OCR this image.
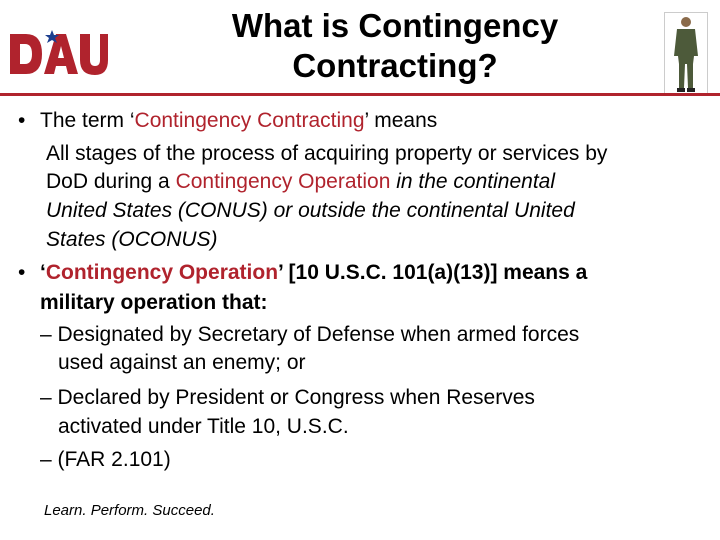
What is Contingency
Contracting?
• The term ‘Contingency Contracting’ means
All stages of the process of acquiring property or services by
DoD during a Contingency Operation in the continental
United States (CONUS) or outside the continental United
States (OCONUS)
• ‘Contingency Operation’ [10 U.S.C. 101(a)(13)] means a
military operation that:
– Designated by Secretary of Defense when armed forces
used against an enemy; or
– Declared by President or Congress when Reserves
activated under Title 10, U.S.C.
– (FAR 2.101)
Learn. Perform. Succeed.
